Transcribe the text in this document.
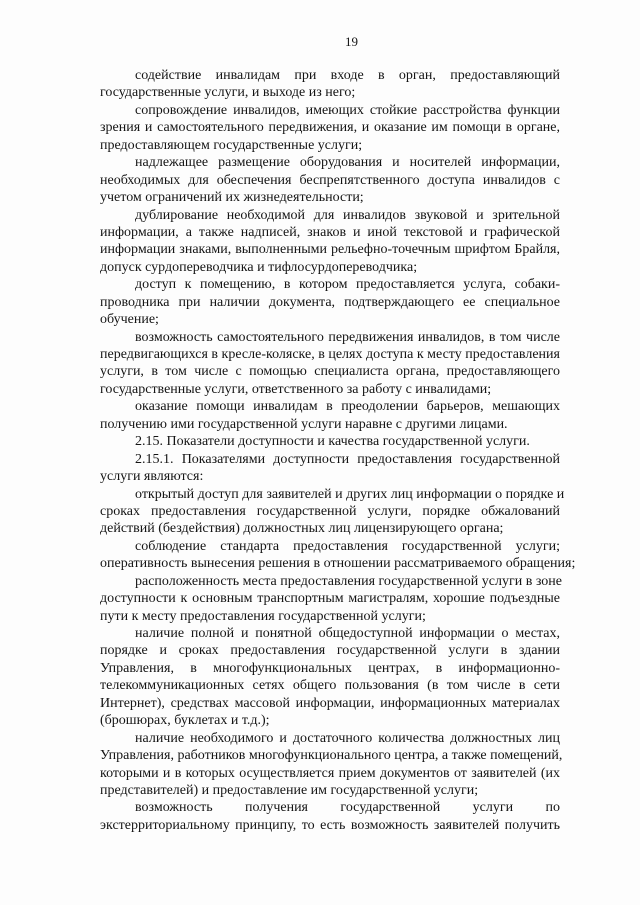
19
содействие инвалидам при входе в орган, предоставляющий
государственные услуги, и выходе из него;
сопровождение инвалидов, имеющих стойкие расстройства функции
зрения и самостоятельного передвижения, и оказание им помощи в органе,
предоставляющем государственные услуги;
надлежащее размещение оборудования и носителей информации,
необходимых для обеспечения беспрепятственного доступа инвалидов с
учетом ограничений их жизнедеятельности;
дублирование необходимой для инвалидов звуковой и зрительной
информации, а также надписей, знаков и иной текстовой и графической
информации знаками, выполненными рельефно-точечным шрифтом Брайля,
допуск сурдопереводчика и тифлосурдопереводчика;
доступ к помещению, в котором предоставляется услуга, собаки-
проводника при наличии документа, подтверждающего ее специальное
обучение;
возможность самостоятельного передвижения инвалидов, в том числе
передвигающихся в кресле-коляске, в целях доступа к месту предоставления
услуги, в том числе с помощью специалиста органа, предоставляющего
государственные услуги, ответственного за работу с инвалидами;
оказание помощи инвалидам в преодолении барьеров, мешающих
получению ими государственной услуги наравне с другими лицами.
2.15. Показатели доступности и качества государственной услуги.
2.15.1. Показателями доступности предоставления государственной
услуги являются:
открытый доступ для заявителей и других лиц информации о порядке и
сроках предоставления государственной услуги, порядке обжалований
действий (бездействия) должностных лиц лицензирующего органа;
соблюдение стандарта предоставления государственной услуги;
оперативность вынесения решения в отношении рассматриваемого обращения;
расположенность места предоставления государственной услуги в зоне
доступности к основным транспортным магистралям, хорошие подъездные
пути к месту предоставления государственной услуги;
наличие полной и понятной общедоступной информации о местах,
порядке и сроках предоставления государственной услуги в здании
Управления, в многофункциональных центрах, в информационно-
телекоммуникационных сетях общего пользования (в том числе в сети
Интернет), средствах массовой информации, информационных материалах
(брошюрах, буклетах и т.д.);
наличие необходимого и достаточного количества должностных лиц
Управления, работников многофункционального центра, а также помещений,
которыми и в которых осуществляется прием документов от заявителей (их
представителей) и предоставление им государственной услуги;
возможность получения государственной услуги по
экстерриториальному принципу, то есть возможность заявителей получить
